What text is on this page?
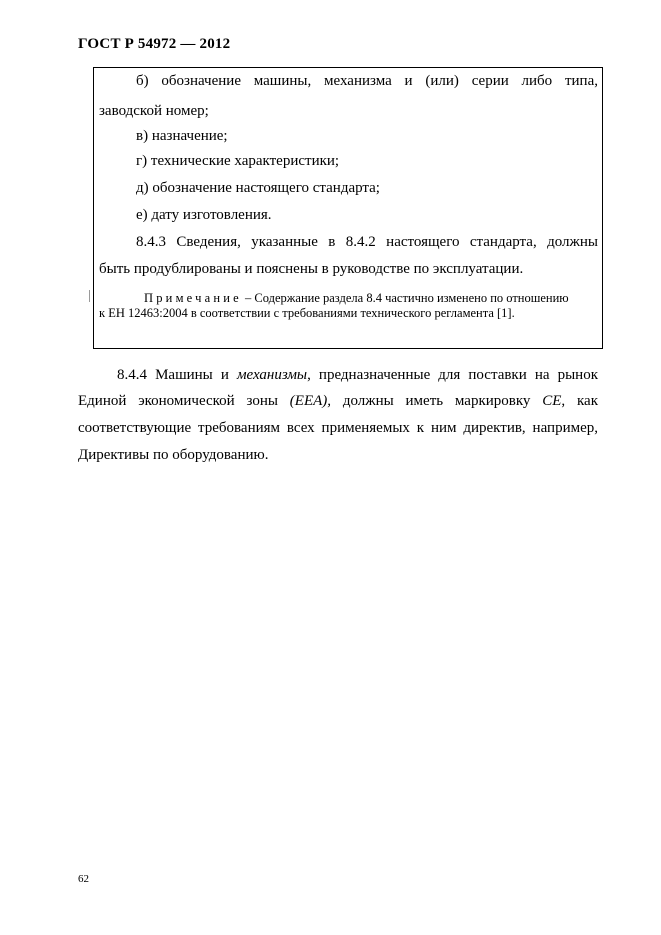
ГОСТ Р 54972 — 2012
б) обозначение машины, механизма и (или) серии либо типа,
заводской номер;
в) назначение;
г) технические характеристики;
д) обозначение настоящего стандарта;
е) дату изготовления.
8.4.3 Сведения, указанные в 8.4.2 настоящего стандарта, должны
быть продублированы и пояснены в руководстве по эксплуатации.
Примечание – Содержание раздела 8.4 частично изменено по отношению
к ЕН 12463:2004 в соответствии с требованиями технического регламента [1].
8.4.4 Машины и механизмы, предназначенные для поставки на рынок
Единой экономической зоны (ЕЕА), должны иметь маркировку СЕ, как
соответствующие требованиям всех применяемых к ним директив, например,
Директивы по оборудованию.
62
